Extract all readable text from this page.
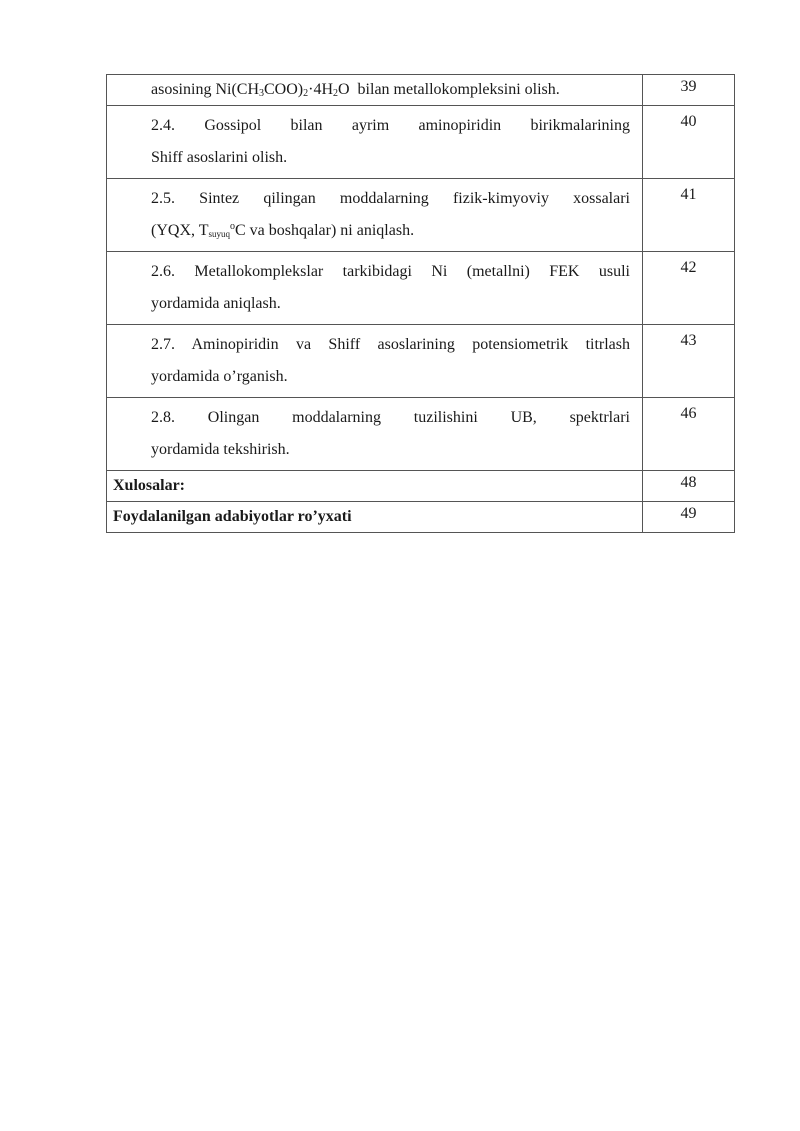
asosining $Ni(CH_3COO)_2\cdot 4H_2O$  bilan metallokompleksini olish.	39

2.4. Gossipol bilan ayrim aminopiridin birikmalarining
Shiff asoslarini olish.	40

2.5. Sintez qilingan moddalarning fizik-kimyoviy xossalari
(YQX, $T_{suyuq}^oC$ va boshqalar) ni aniqlash.	41

2.6. Metallokomplekslar tarkibidagi Ni (metallni) FEK usuli
yordamida aniqlash.	42

2.7. Aminopiridin va Shiff asoslarining potensiometrik titrlash
yordamida o’rganish.	43

2.8. Olingan moddalarning tuzilishini UB, spektrlari
yordamida tekshirish.	46
Xulosalar:	48
Foydalanilgan adabiyotlar ro’yxati	49
